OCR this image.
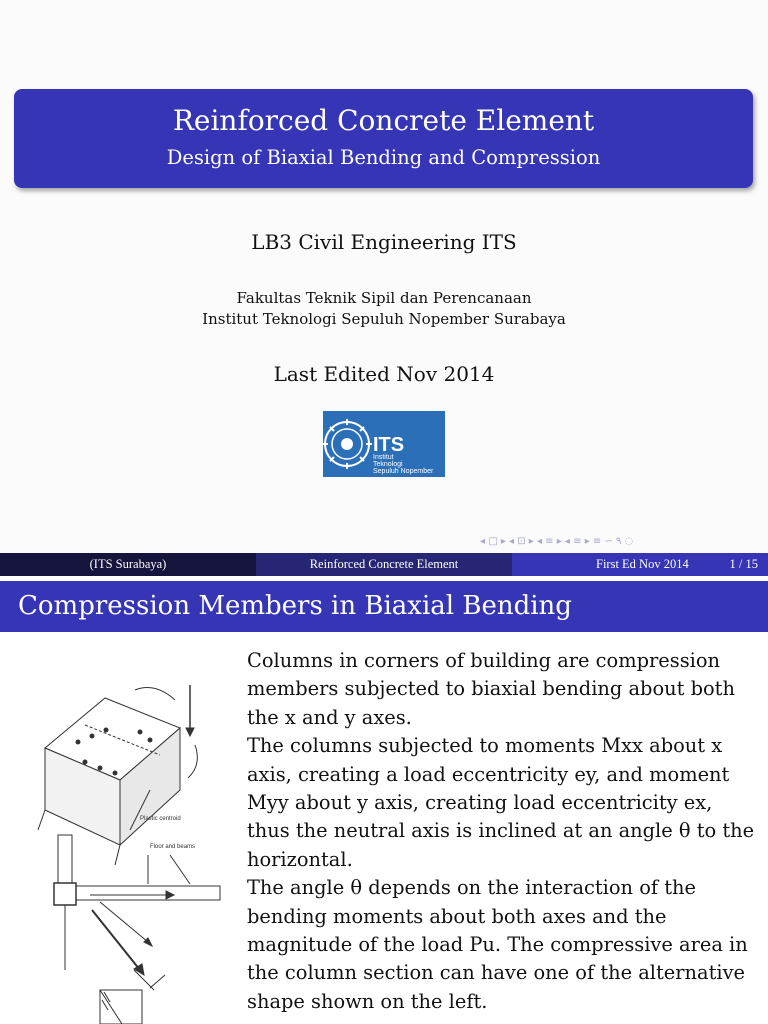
Reinforced Concrete Element
Design of Biaxial Bending and Compression
LB3 Civil Engineering ITS
Fakultas Teknik Sipil dan Perencanaan
Institut Teknologi Sepuluh Nopember Surabaya
Last Edited Nov 2014
ITS
Institut
Teknologi
Sepuluh Nopember
◂ □ ▸ ◂ ⊡ ▸ ◂ ≡ ▸ ◂ ≡ ▸ ≡ ∽ ۹ ◌
(ITS Surabaya)	Reinforced Concrete Element	First Ed Nov 2014	1 / 15
Compression Members in Biaxial Bending

Columns in corners of building are compression members subjected to biaxial bending about both the x and y axes.

The columns subjected to moments Mxx about x axis, creating a load eccentricity ey, and moment Myy about y axis, creating load eccentricity ex, thus the neutral axis is inclined at an angle θ to the horizontal.

The angle θ depends on the interaction of the bending moments about both axes and the magnitude of the load Pu. The compressive area in the column section can have one of the alternative shape shown on the left.

Plastic centroid
Floor and beams
